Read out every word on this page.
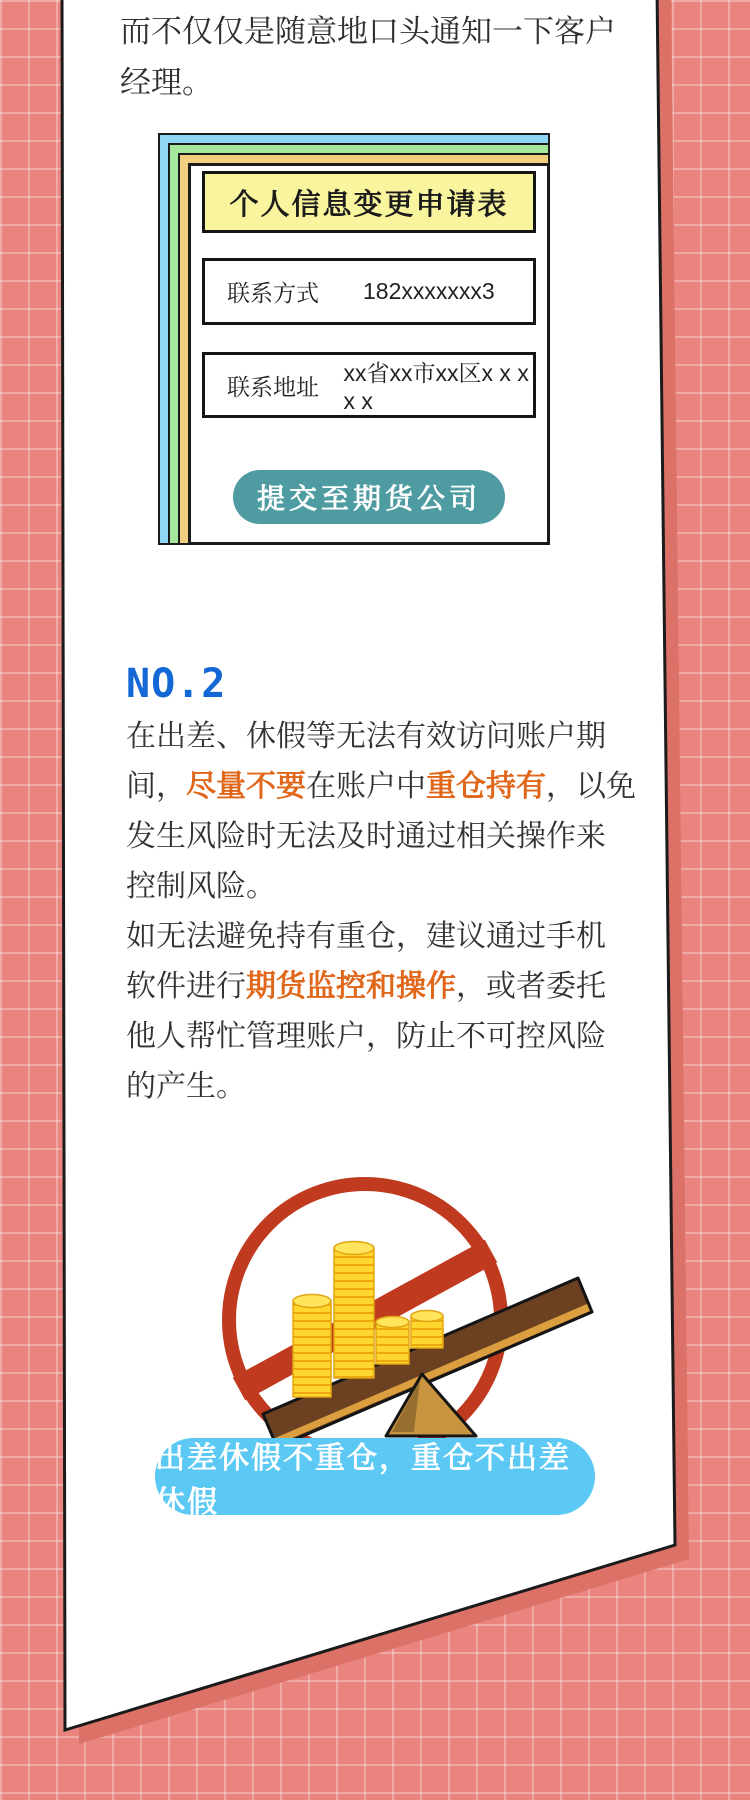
而不仅仅是随意地口头通知一下客户
经理。
个人信息变更申请表
联系方式	182xxxxxxx3
联系地址
xx省xx市xx区x x x x x
提交至期货公司
NO.2
在出差、休假等无法有效访问账户期
间，尽量不要在账户中重仓持有，以免
发生风险时无法及时通过相关操作来
控制风险。
如无法避免持有重仓，建议通过手机
软件进行期货监控和操作，或者委托
他人帮忙管理账户，防止不可控风险
的产生。
出差休假不重仓，重仓不出差休假
